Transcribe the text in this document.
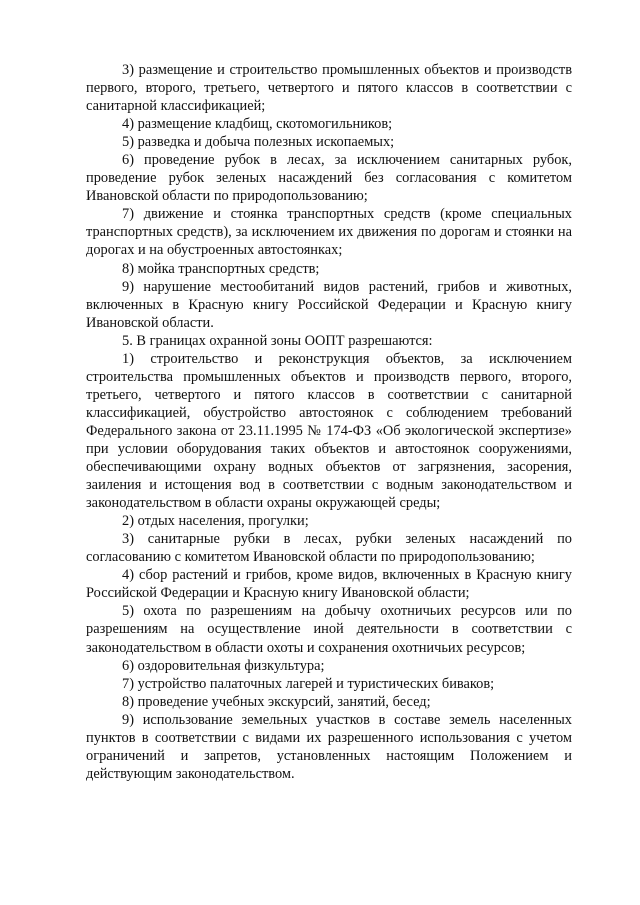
3) размещение и строительство промышленных объектов и производств первого, второго, третьего, четвертого и пятого классов в соответствии с санитарной классификацией;

4) размещение кладбищ, скотомогильников;

5) разведка и добыча полезных ископаемых;

6) проведение рубок в лесах, за исключением санитарных рубок, проведение рубок зеленых насаждений без согласования с комитетом Ивановской области по природопользованию;

7) движение и стоянка транспортных средств (кроме специальных транспортных средств), за исключением их движения по дорогам и стоянки на дорогах и на обустроенных автостоянках;

8) мойка транспортных средств;

9) нарушение местообитаний видов растений, грибов и животных, включенных в Красную книгу Российской Федерации и Красную книгу Ивановской области.

5. В границах охранной зоны ООПТ разрешаются:

1) строительство и реконструкция объектов, за исключением строительства промышленных объектов и производств первого, второго, третьего, четвертого и пятого классов в соответствии с санитарной классификацией, обустройство автостоянок с соблюдением требований Федерального закона от 23.11.1995 № 174-ФЗ «Об экологической экспертизе» при условии оборудования таких объектов и автостоянок сооружениями, обеспечивающими охрану водных объектов от загрязнения, засорения, заиления и истощения вод в соответствии с водным законодательством и законодательством в области охраны окружающей среды;

2) отдых населения, прогулки;

3) санитарные рубки в лесах, рубки зеленых насаждений по согласованию с комитетом Ивановской области по природопользованию;

4) сбор растений и грибов, кроме видов, включенных в Красную книгу Российской Федерации и Красную книгу Ивановской области;

5) охота по разрешениям на добычу охотничьих ресурсов или по разрешениям на осуществление иной деятельности в соответствии с законодательством в области охоты и сохранения охотничьих ресурсов;

6) оздоровительная физкультура;

7) устройство палаточных лагерей и туристических биваков;

8) проведение учебных экскурсий, занятий, бесед;

9) использование земельных участков в составе земель населенных пунктов в соответствии с видами их разрешенного использования с учетом ограничений и запретов, установленных настоящим Положением и действующим законодательством.
